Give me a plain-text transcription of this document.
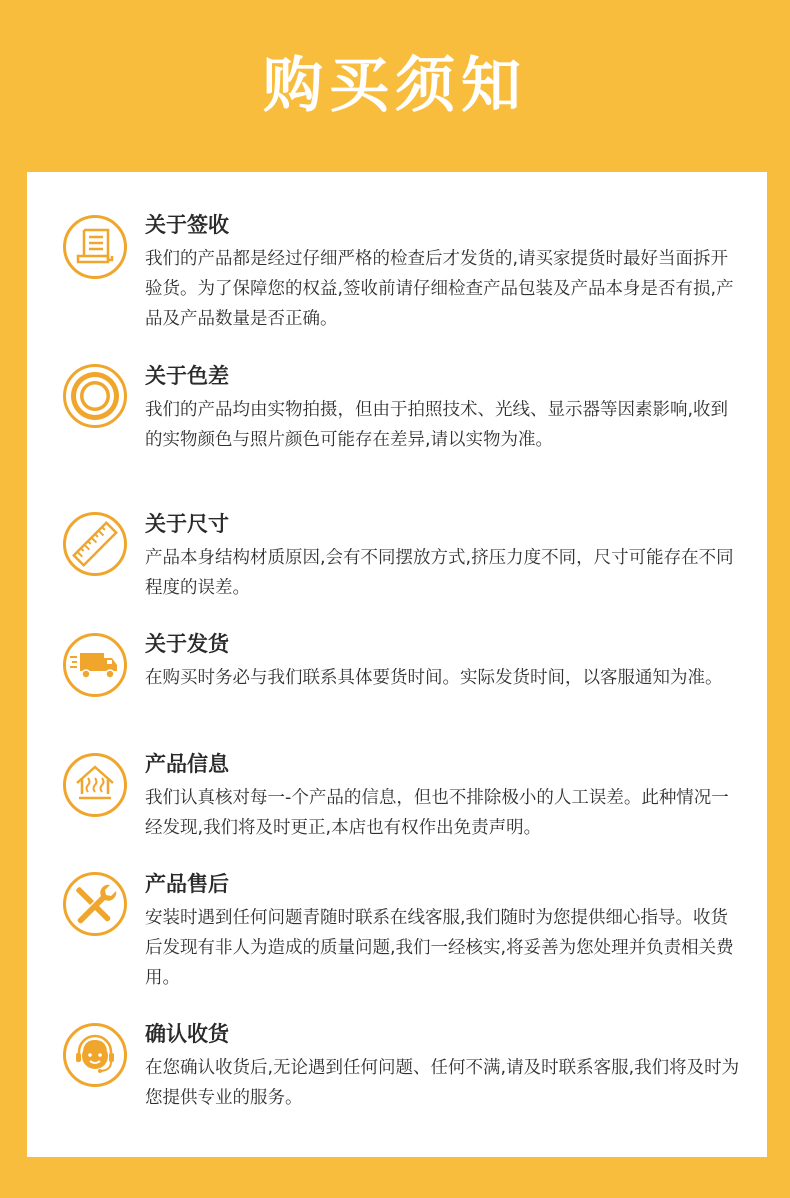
购买须知
关于签收
我们的产品都是经过仔细严格的检查后才发货的,请买家提货时最好当面拆开验货。为了保障您的权益,签收前请仔细检查产品包装及产品本身是否有损,产品及产品数量是否正确。
关于色差
我们的产品均由实物拍摄，但由于拍照技术、光线、显示器等因素影响,收到的实物颜色与照片颜色可能存在差异,请以实物为准。
关于尺寸
产品本身结构材质原因,会有不同摆放方式,挤压力度不同，尺寸可能存在不同程度的误差。
关于发货
在购买时务必与我们联系具体要货时间。实际发货时间，以客服通知为准。
产品信息
我们认真核对每一-个产品的信息，但也不排除极小的人工误差。此种情况一经发现,我们将及时更正,本店也有权作出免责声明。
产品售后
安装时遇到任何问题青随时联系在线客服,我们随时为您提供细心指导。收货后发现有非人为造成的质量问题,我们一经核实,将妥善为您处理并负责相关费用。
确认收货
在您确认收货后,无论遇到任何问题、任何不满,请及时联系客服,我们将及时为您提供专业的服务。
